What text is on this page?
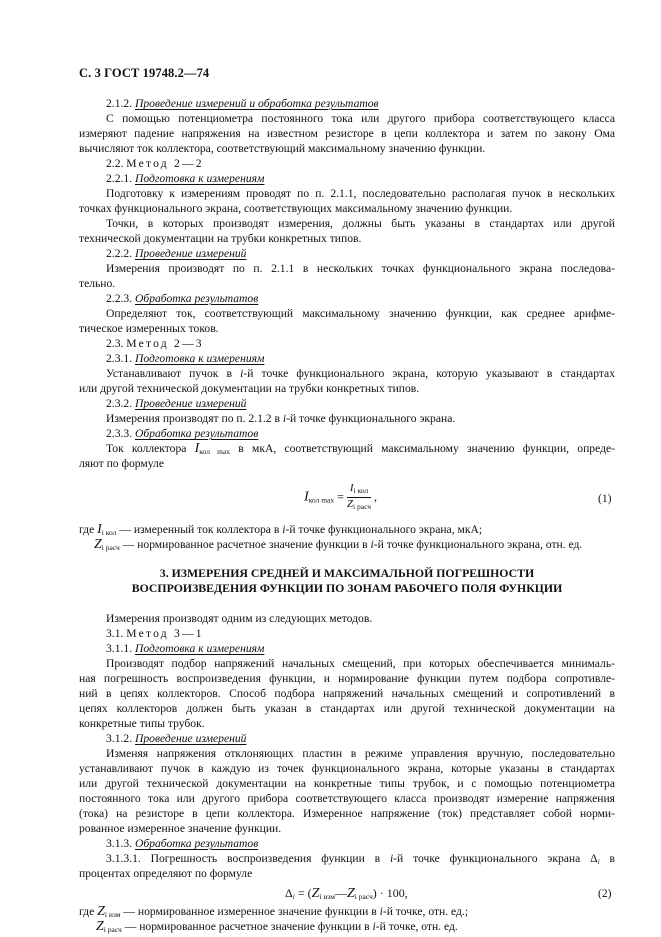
С. 3 ГОСТ 19748.2—74
2.1.2. Проведение измерений и обработка результатов
С помощью потенциометра постоянного тока или другого прибора соответствующего класса
измеряют падение напряжения на известном резисторе в цепи коллектора и затем по закону Ома
вычисляют ток коллектора, соответствующий максимальному значению функции.
2.2. Метод 2—2
2.2.1. Подготовка к измерениям
Подготовку к измерениям проводят по п. 2.1.1, последовательно располагая пучок в нескольких
точках функционального экрана, соответствующих максимальному значению функции.
Точки, в которых производят измерения, должны быть указаны в стандартах или другой
технической документации на трубки конкретных типов.
2.2.2. Проведение измерений
Измерения производят по п. 2.1.1 в нескольких точках функционального экрана последова-
тельно.
2.2.3. Обработка результатов
Определяют ток, соответствующий максимальному значению функции, как среднее арифме-
тическое измеренных токов.
2.3. Метод 2—3
2.3.1. Подготовка к измерениям
Устанавливают пучок в i-й точке функционального экрана, которую указывают в стандартах
или другой технической документации на трубки конкретных типов.
2.3.2. Проведение измерений
Измерения производят по п. 2.1.2 в i-й точке функционального экрана.
2.3.3. Обработка результатов
Ток коллектора $I_{кол max}$ в мкА, соответствующий максимальному значению функции, опреде-
ляют по формуле
$I_{кол max} = \frac{I_{i кол}}{Z_{i расч}}$ ,	(1)
где $I_{i кол}$ — измеренный ток коллектора в i-й точке функционального экрана, мкА;
$Z_{i расч}$ — нормированное расчетное значение функции в i-й точке функционального экрана, отн. ед.
3. ИЗМЕРЕНИЯ СРЕДНЕЙ И МАКСИМАЛЬНОЙ ПОГРЕШНОСТИ
ВОСПРОИЗВЕДЕНИЯ ФУНКЦИИ ПО ЗОНАМ РАБОЧЕГО ПОЛЯ ФУНКЦИИ
Измерения производят одним из следующих методов.
3.1. Метод 3—1
3.1.1. Подготовка к измерениям
Производят подбор напряжений начальных смещений, при которых обеспечивается минималь-
ная погрешность воспроизведения функции, и нормирование функции путем подбора сопротивле-
ний в цепях коллекторов. Способ подбора напряжений начальных смещений и сопротивлений в
цепях коллекторов должен быть указан в стандартах или другой технической документации на
конкретные типы трубок.
3.1.2. Проведение измерений
Изменяя напряжения отклоняющих пластин в режиме управления вручную, последовательно
устанавливают пучок в каждую из точек функционального экрана, которые указаны в стандартах
или другой технической документации на конкретные типы трубок, и с помощью потенциометра
постоянного тока или другого прибора соответствующего класса производят измерение напряжения
(тока) на резисторе в цепи коллектора. Измеренное напряжение (ток) представляет собой норми-
рованное измеренное значение функции.
3.1.3. Обработка результатов
3.1.3.1. Погрешность воспроизведения функции в i-й точке функционального экрана $\Delta_i$ в
процентах определяют по формуле
$\Delta_i$ = $(Z_{i изм}—Z_{i расч}) \cdot 100$,	(2)
где $Z_{i изм}$ — нормированное измеренное значение функции в i-й точке, отн. ед.;
$Z_{i расч}$ — нормированное расчетное значение функции в i-й точке, отн. ед.
